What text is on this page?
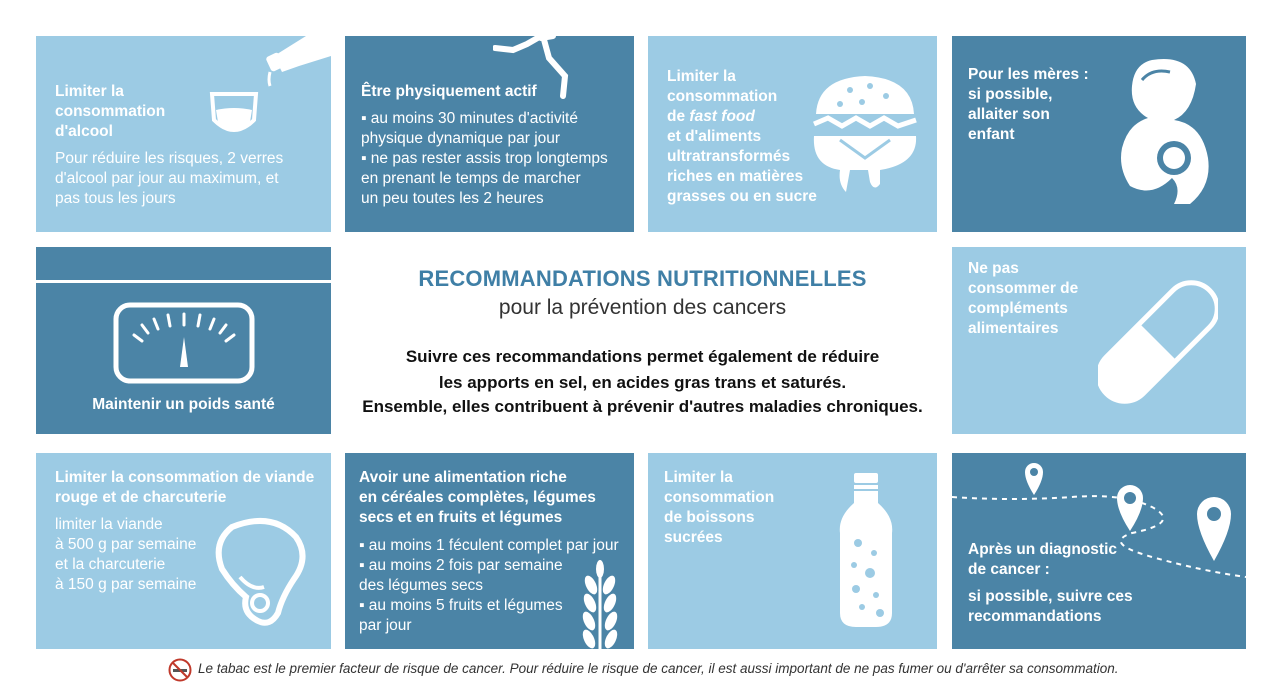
Limiter la
consommation
d'alcool
Pour réduire les risques, 2 verres
d'alcool par jour au maximum, et
pas tous les jours
Être physiquement actif
▪ au moins 30 minutes d'activité
physique dynamique par jour
▪ ne pas rester assis trop longtemps
en prenant le temps de marcher
un peu toutes les 2 heures
Limiter la
consommation
de fast food
et d'aliments
ultratransformés
riches en matières
grasses ou en sucre
Pour les mères :
si possible,
allaiter son
enfant
Maintenir un poids santé
RECOMMANDATIONS NUTRITIONNELLES
pour la prévention des cancers
Suivre ces recommandations permet également de réduire
les apports en sel, en acides gras trans et saturés.
Ensemble, elles contribuent à prévenir d'autres maladies chroniques.
Ne pas
consommer de
compléments
alimentaires
Limiter la consommation de viande
rouge et de charcuterie
limiter la viande
à 500 g par semaine
et la charcuterie
à 150 g par semaine
Avoir une alimentation riche
en céréales complètes, légumes
secs et en fruits et légumes
▪ au moins 1 féculent complet par jour
▪ au moins 2 fois par semaine
des légumes secs
▪ au moins 5 fruits et légumes
par jour
Limiter la
consommation
de boissons
sucrées
Après un diagnostic
de cancer :
si possible, suivre ces
recommandations
Le tabac est le premier facteur de risque de cancer. Pour réduire le risque de cancer, il est aussi important de ne pas fumer ou d'arrêter sa consommation.
